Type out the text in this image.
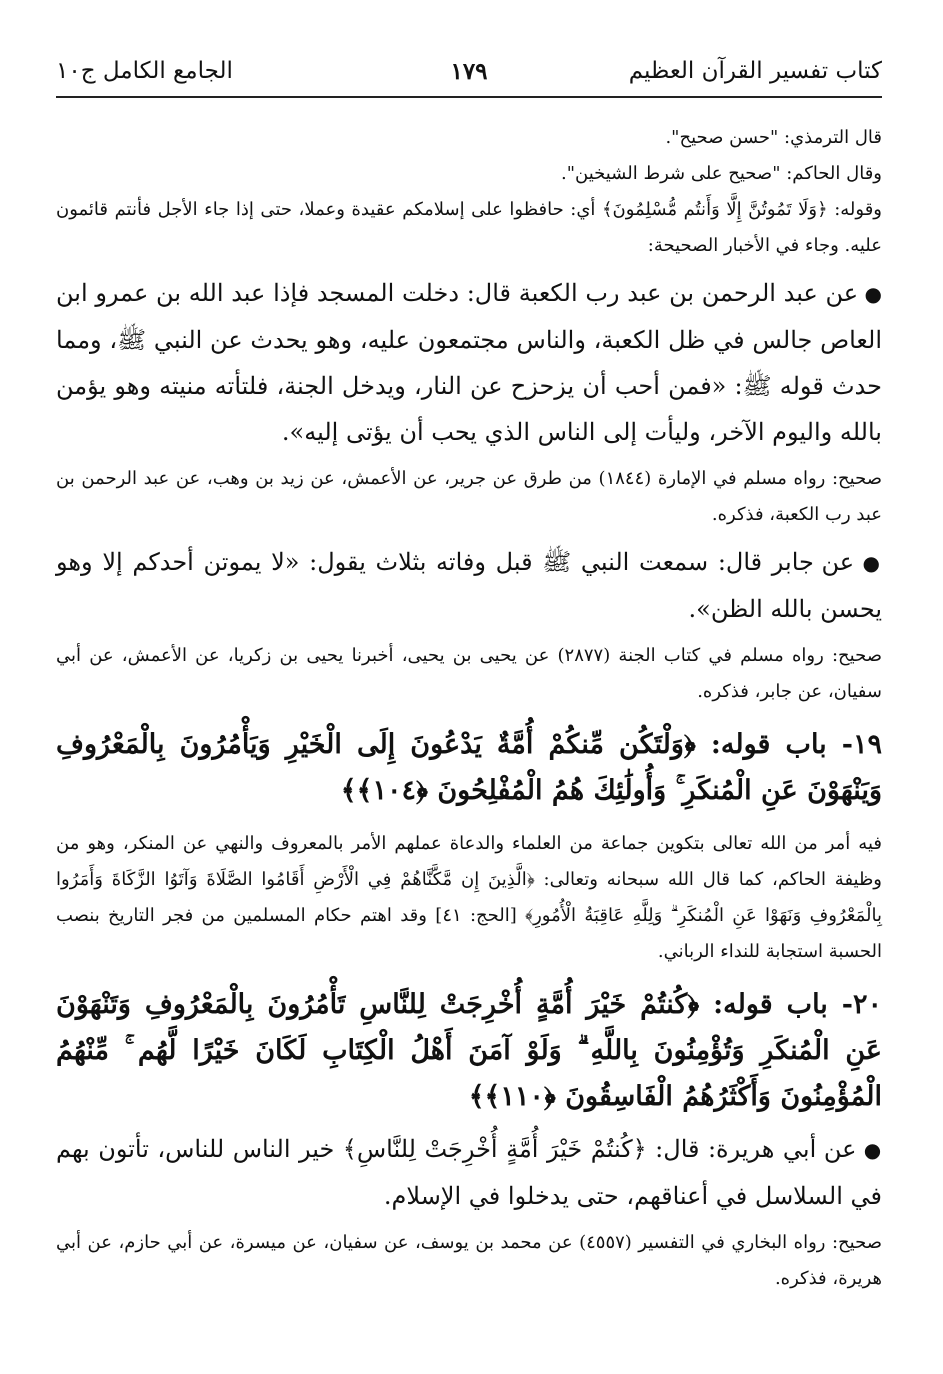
كتاب تفسير القرآن العظيم
١٧٩
الجامع الكامل ج١٠

قال الترمذي: "حسن صحيح".

وقال الحاكم: "صحيح على شرط الشيخين".

وقوله: ﴿وَلَا تَمُوتُنَّ إِلَّا وَأَنتُم مُّسْلِمُونَ﴾ أي: حافظوا على إسلامكم عقيدة وعملا، حتى إذا جاء الأجل فأنتم قائمون عليه. وجاء في الأخبار الصحيحة:

● عن عبد الرحمن بن عبد رب الكعبة قال: دخلت المسجد فإذا عبد الله بن عمرو ابن العاص جالس في ظل الكعبة، والناس مجتمعون عليه، وهو يحدث عن النبي ﷺ، ومما حدث قوله ﷺ: «فمن أحب أن يزحزح عن النار، ويدخل الجنة، فلتأته منيته وهو يؤمن بالله واليوم الآخر، وليأت إلى الناس الذي يحب أن يؤتى إليه».

صحيح: رواه مسلم في الإمارة (١٨٤٤) من طرق عن جرير، عن الأعمش، عن زيد بن وهب، عن عبد الرحمن بن عبد رب الكعبة، فذكره.

● عن جابر قال: سمعت النبي ﷺ قبل وفاته بثلاث يقول: «لا يموتن أحدكم إلا وهو يحسن بالله الظن».

صحيح: رواه مسلم في كتاب الجنة (٢٨٧٧) عن يحيى بن يحيى، أخبرنا يحيى بن زكريا، عن الأعمش، عن أبي سفيان، عن جابر، فذكره.

١٩- باب قوله: ﴿وَلْتَكُن مِّنكُمْ أُمَّةٌ يَدْعُونَ إِلَى الْخَيْرِ وَيَأْمُرُونَ بِالْمَعْرُوفِ وَيَنْهَوْنَ عَنِ الْمُنكَرِ ۚ وَأُولَٰئِكَ هُمُ الْمُفْلِحُونَ ﴿١٠٤﴾﴾

فيه أمر من الله تعالى بتكوين جماعة من العلماء والدعاة عملهم الأمر بالمعروف والنهي عن المنكر، وهو من وظيفة الحاكم، كما قال الله سبحانه وتعالى: ﴿الَّذِينَ إِن مَّكَّنَّاهُمْ فِي الْأَرْضِ أَقَامُوا الصَّلَاةَ وَآتَوُا الزَّكَاةَ وَأَمَرُوا بِالْمَعْرُوفِ وَنَهَوْا عَنِ الْمُنكَرِ ۗ وَلِلَّهِ عَاقِبَةُ الْأُمُورِ﴾ [الحج: ٤١] وقد اهتم حكام المسلمين من فجر التاريخ بنصب الحسبة استجابة للنداء الرباني.

٢٠- باب قوله: ﴿كُنتُمْ خَيْرَ أُمَّةٍ أُخْرِجَتْ لِلنَّاسِ تَأْمُرُونَ بِالْمَعْرُوفِ وَتَنْهَوْنَ عَنِ الْمُنكَرِ وَتُؤْمِنُونَ بِاللَّهِ ۗ وَلَوْ آمَنَ أَهْلُ الْكِتَابِ لَكَانَ خَيْرًا لَّهُم ۚ مِّنْهُمُ الْمُؤْمِنُونَ وَأَكْثَرُهُمُ الْفَاسِقُونَ ﴿١١٠﴾﴾

● عن أبي هريرة: قال: ﴿كُنتُمْ خَيْرَ أُمَّةٍ أُخْرِجَتْ لِلنَّاسِ﴾ خير الناس للناس، تأتون بهم في السلاسل في أعناقهم، حتى يدخلوا في الإسلام.

صحيح: رواه البخاري في التفسير (٤٥٥٧) عن محمد بن يوسف، عن سفيان، عن ميسرة، عن أبي حازم، عن أبي هريرة، فذكره.
